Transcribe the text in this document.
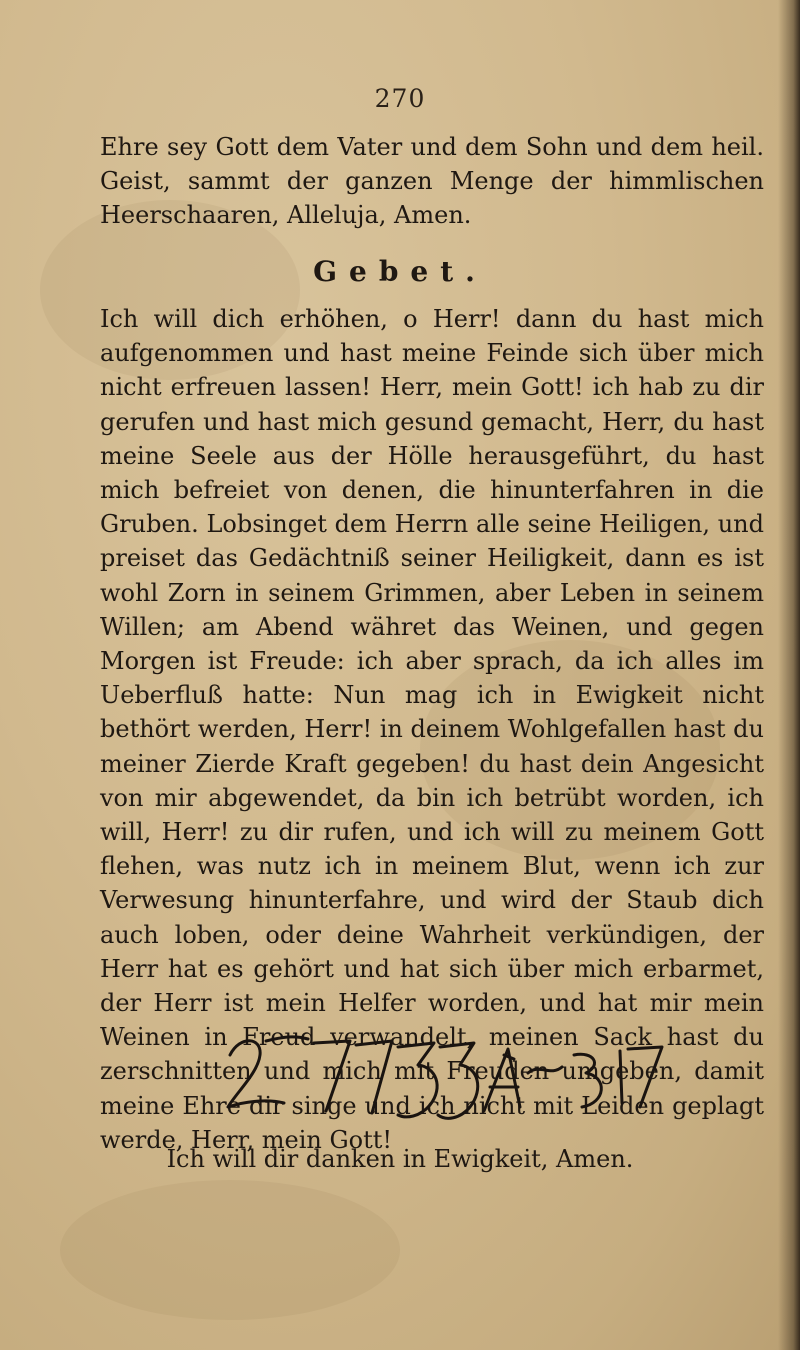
270
Ehre sey Gott dem Vater und dem Sohn und dem heil. Geist, sammt der ganzen Menge der himmlischen Heerschaaren, Alleluja, Amen.
Gebet.
Ich will dich erhöhen, o Herr! dann du hast mich aufgenommen und hast meine Feinde sich über mich nicht erfreuen lassen! Herr, mein Gott! ich hab zu dir gerufen und hast mich gesund gemacht, Herr, du hast meine Seele aus der Hölle herausgeführt, du hast mich befreiet von denen, die hinunterfahren in die Gruben. Lobsinget dem Herrn alle seine Heiligen, und preiset das Gedächtniß seiner Heiligkeit, dann es ist wohl Zorn in seinem Grimmen, aber Leben in seinem Willen; am Abend währet das Weinen, und gegen Morgen ist Freude: ich aber sprach, da ich alles im Ueberfluß hatte: Nun mag ich in Ewigkeit nicht bethört werden, Herr! in deinem Wohlgefallen hast du meiner Zierde Kraft gegeben! du hast dein Angesicht von mir abgewendet, da bin ich betrübt worden, ich will, Herr! zu dir rufen, und ich will zu meinem Gott flehen, was nutz ich in meinem Blut, wenn ich zur Verwesung hinunterfahre, und wird der Staub dich auch loben, oder deine Wahrheit verkündigen, der Herr hat es gehört und hat sich über mich erbarmet, der Herr ist mein Helfer worden, und hat mir mein Weinen in Freud verwandelt, meinen Sack hast du zerschnitten und mich mit Freuden umgeben, damit meine Ehre dir singe und ich nicht mit Leiden geplagt werde, Herr, mein Gott!
Ich will dir danken in Ewigkeit, Amen.
